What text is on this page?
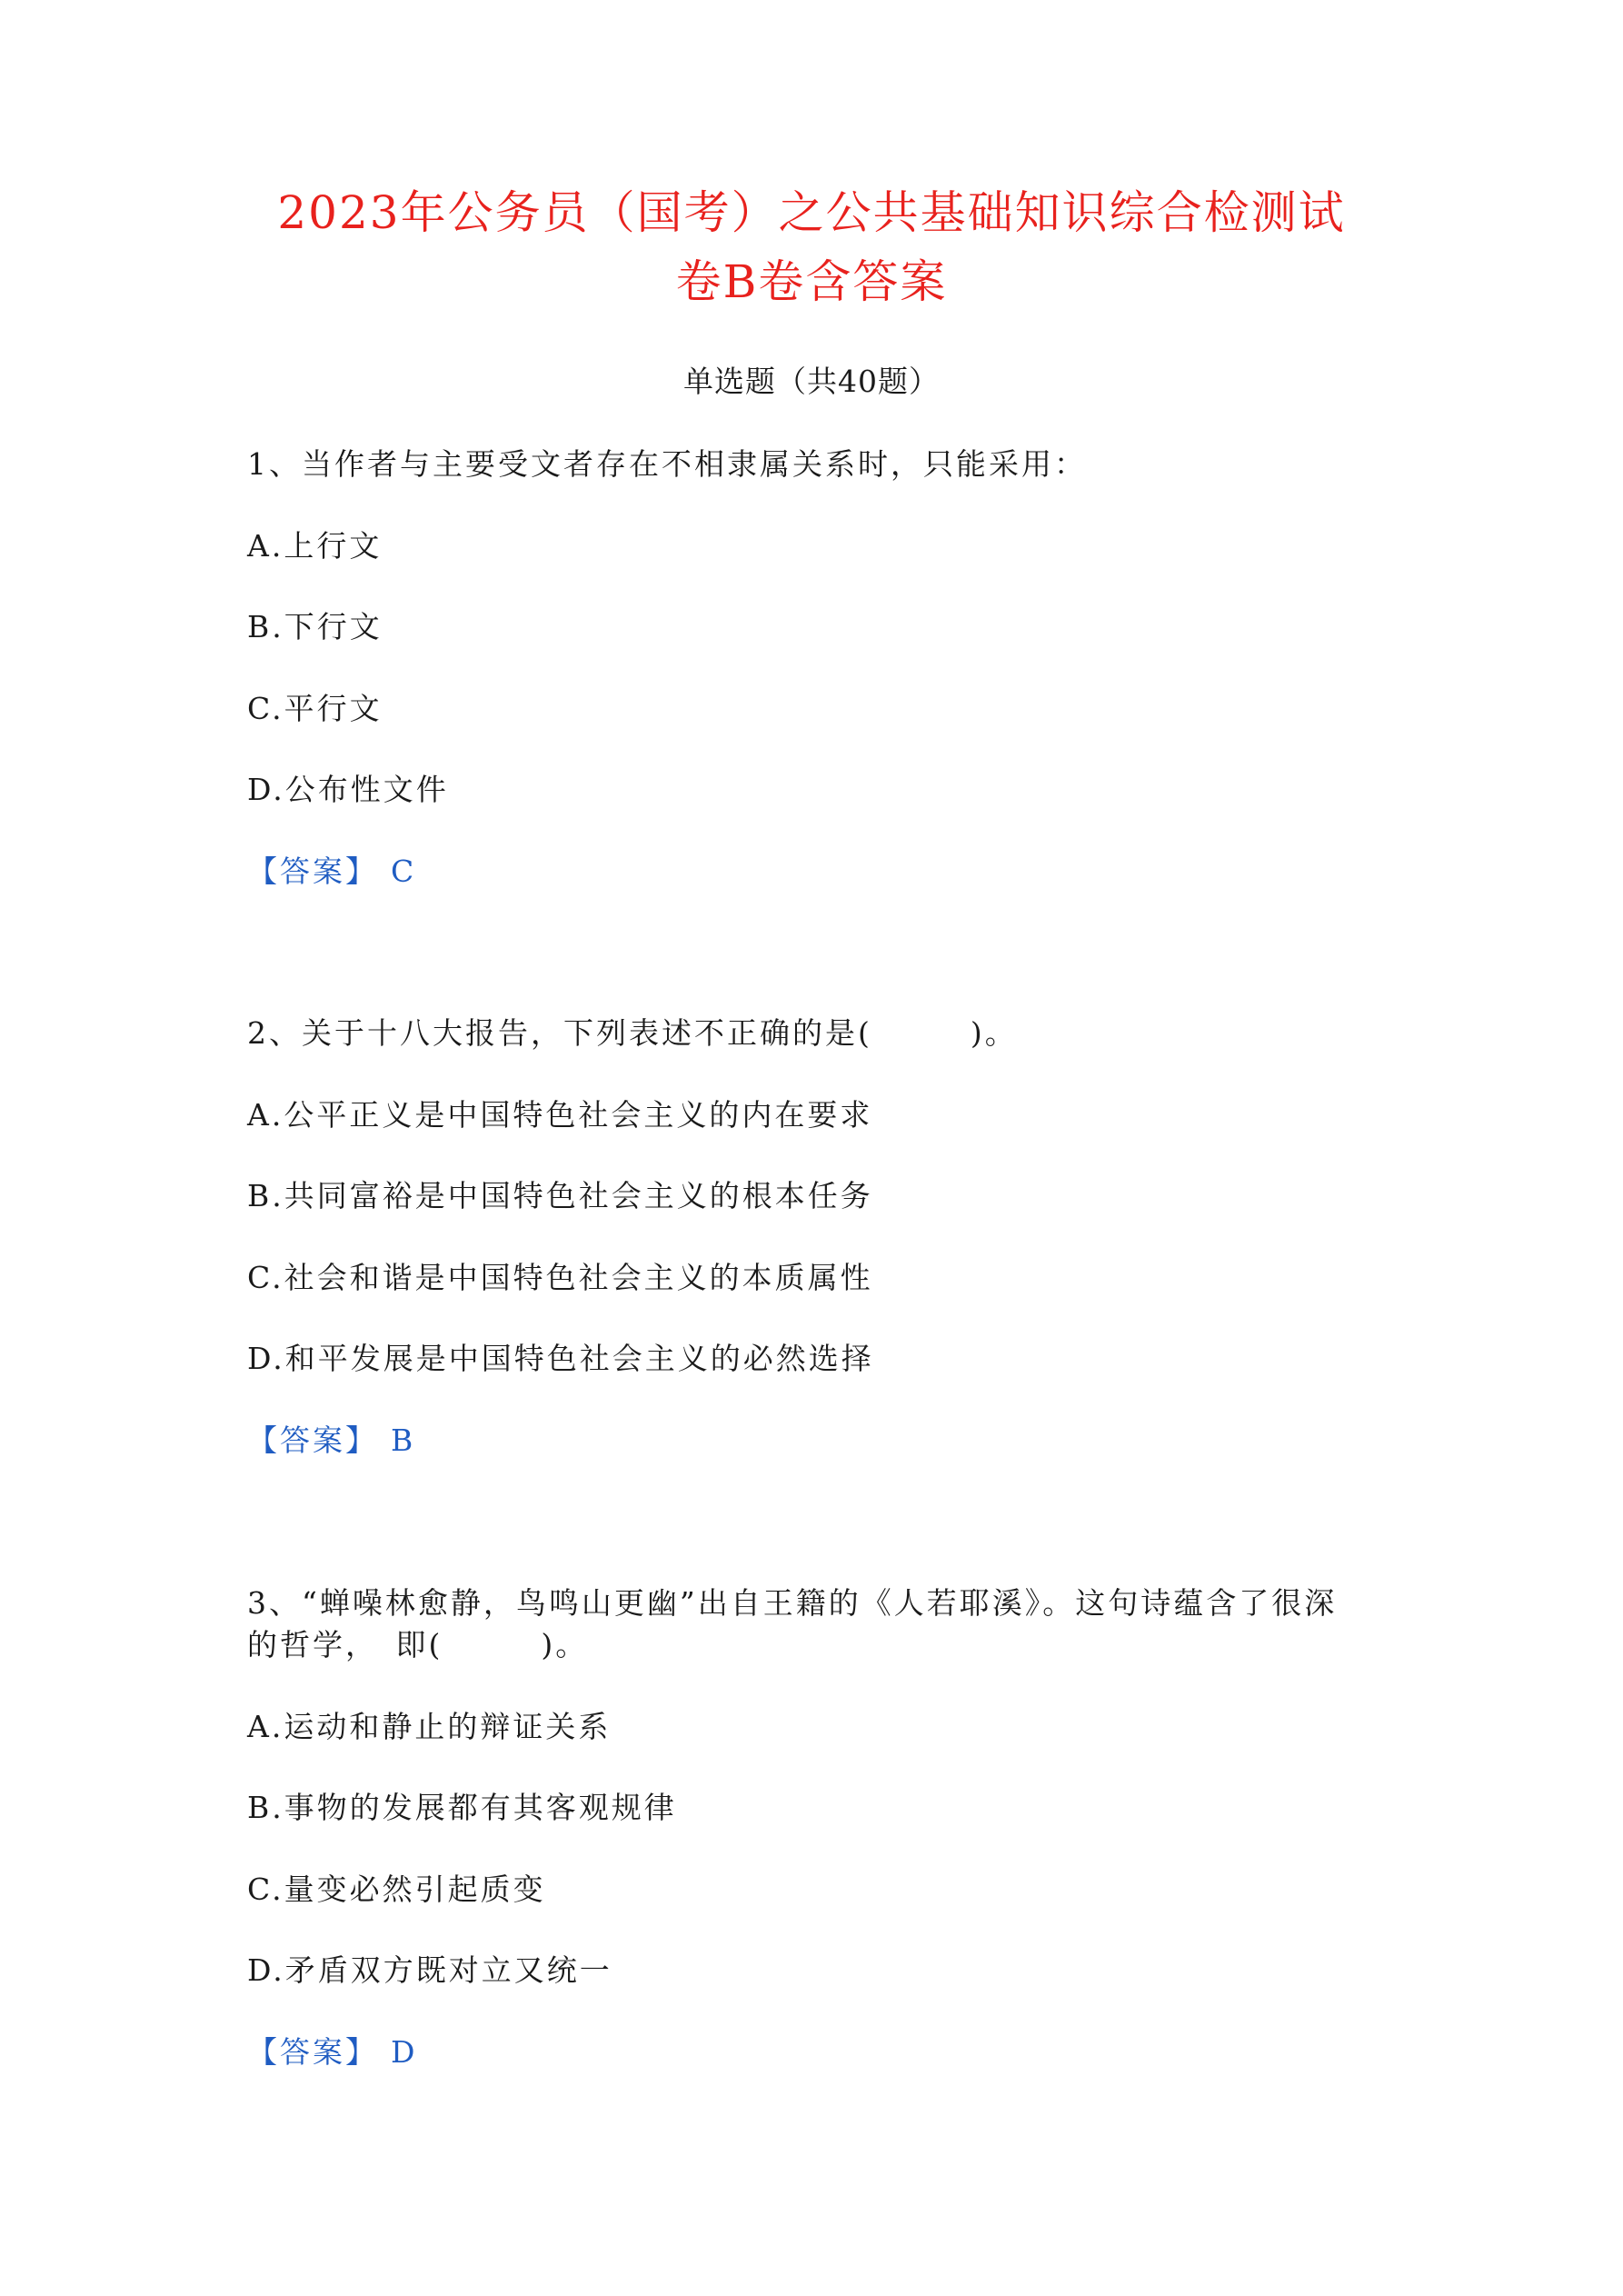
2023年公务员（国考）之公共基础知识综合检测试
卷B卷含答案
单选题（共40题）
1、当作者与主要受文者存在不相隶属关系时，只能采用：
A.上行文
B.下行文
C.平行文
D.公布性文件
【答案】 C
2、关于十八大报告，下列表述不正确的是(　　　)。
A.公平正义是中国特色社会主义的内在要求
B.共同富裕是中国特色社会主义的根本任务
C.社会和谐是中国特色社会主义的本质属性
D.和平发展是中国特色社会主义的必然选择
【答案】 B
3、“蝉噪林愈静，鸟鸣山更幽”出自王籍的《人若耶溪》。这句诗蕴含了很深
的哲学，　即(　　　)。
A.运动和静止的辩证关系
B.事物的发展都有其客观规律
C.量变必然引起质变
D.矛盾双方既对立又统一
【答案】 D
